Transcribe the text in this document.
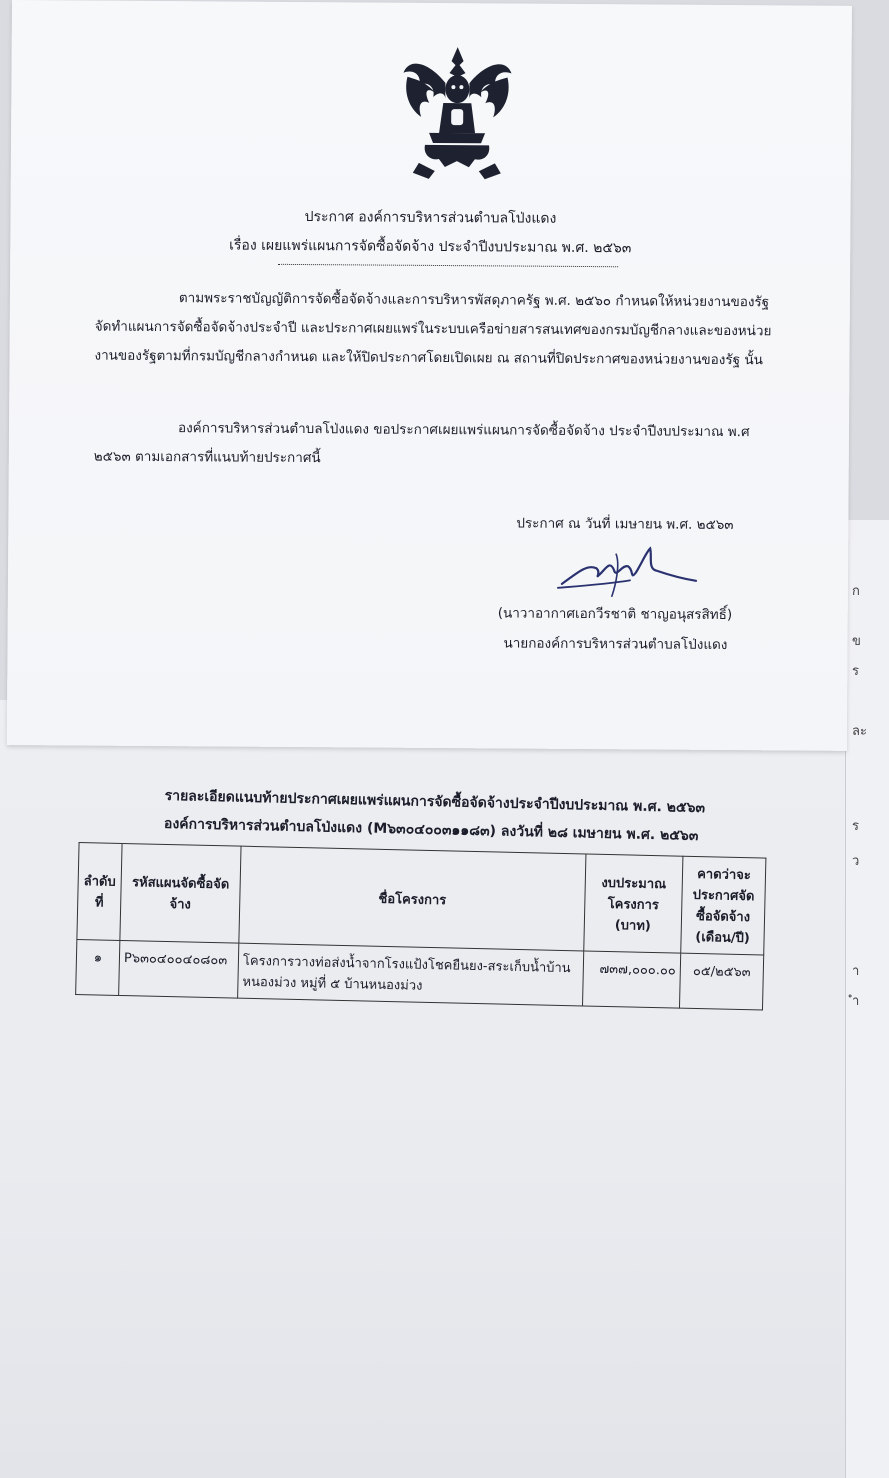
ก
ข
ร
ละ
ร
ว
า
ำ
ประกาศ องค์การบริหารส่วนตำบลโป่งแดง
เรื่อง เผยแพร่แผนการจัดซื้อจัดจ้าง ประจำปีงบประมาณ พ.ศ. ๒๕๖๓
ตามพระราชบัญญัติการจัดซื้อจัดจ้างและการบริหารพัสดุภาครัฐ พ.ศ. ๒๕๖๐ กำหนดให้หน่วยงานของรัฐจัดทำแผนการจัดซื้อจัดจ้างประจำปี และประกาศเผยแพร่ในระบบเครือข่ายสารสนเทศของกรมบัญชีกลางและของหน่วยงานของรัฐตามที่กรมบัญชีกลางกำหนด และให้ปิดประกาศโดยเปิดเผย ณ สถานที่ปิดประกาศของหน่วยงานของรัฐ นั้น
องค์การบริหารส่วนตำบลโป่งแดง ขอประกาศเผยแพร่แผนการจัดซื้อจัดจ้าง ประจำปีงบประมาณ พ.ศ ๒๕๖๓ ตามเอกสารที่แนบท้ายประกาศนี้
ประกาศ ณ วันที่ เมษายน พ.ศ. ๒๕๖๓
(นาวาอากาศเอกวีรชาติ ชาญอนุสรสิทธิ์)
นายกองค์การบริหารส่วนตำบลโป่งแดง
รายละเอียดแนบท้ายประกาศเผยแพร่แผนการจัดซื้อจัดจ้างประจำปีงบประมาณ พ.ศ. ๒๕๖๓
องค์การบริหารส่วนตำบลโป่งแดง (M๖๓๐๔๐๐๓๑๑๘๓) ลงวันที่ ๒๘ เมษายน พ.ศ. ๒๕๖๓
ลำดับที่	รหัสแผนจัดซื้อจัดจ้าง	ชื่อโครงการ	งบประมาณโครงการ (บาท)	คาดว่าจะประกาศจัดซื้อจัดจ้าง (เดือน/ปี)
๑	P๖๓๐๔๐๐๔๐๘๐๓	โครงการวางท่อส่งน้ำจากโรงแป้งโชคยืนยง-สระเก็บน้ำบ้านหนองม่วง หมู่ที่ ๕ บ้านหนองม่วง	๗๓๗,๐๐๐.๐๐	๐๕/๒๕๖๓
